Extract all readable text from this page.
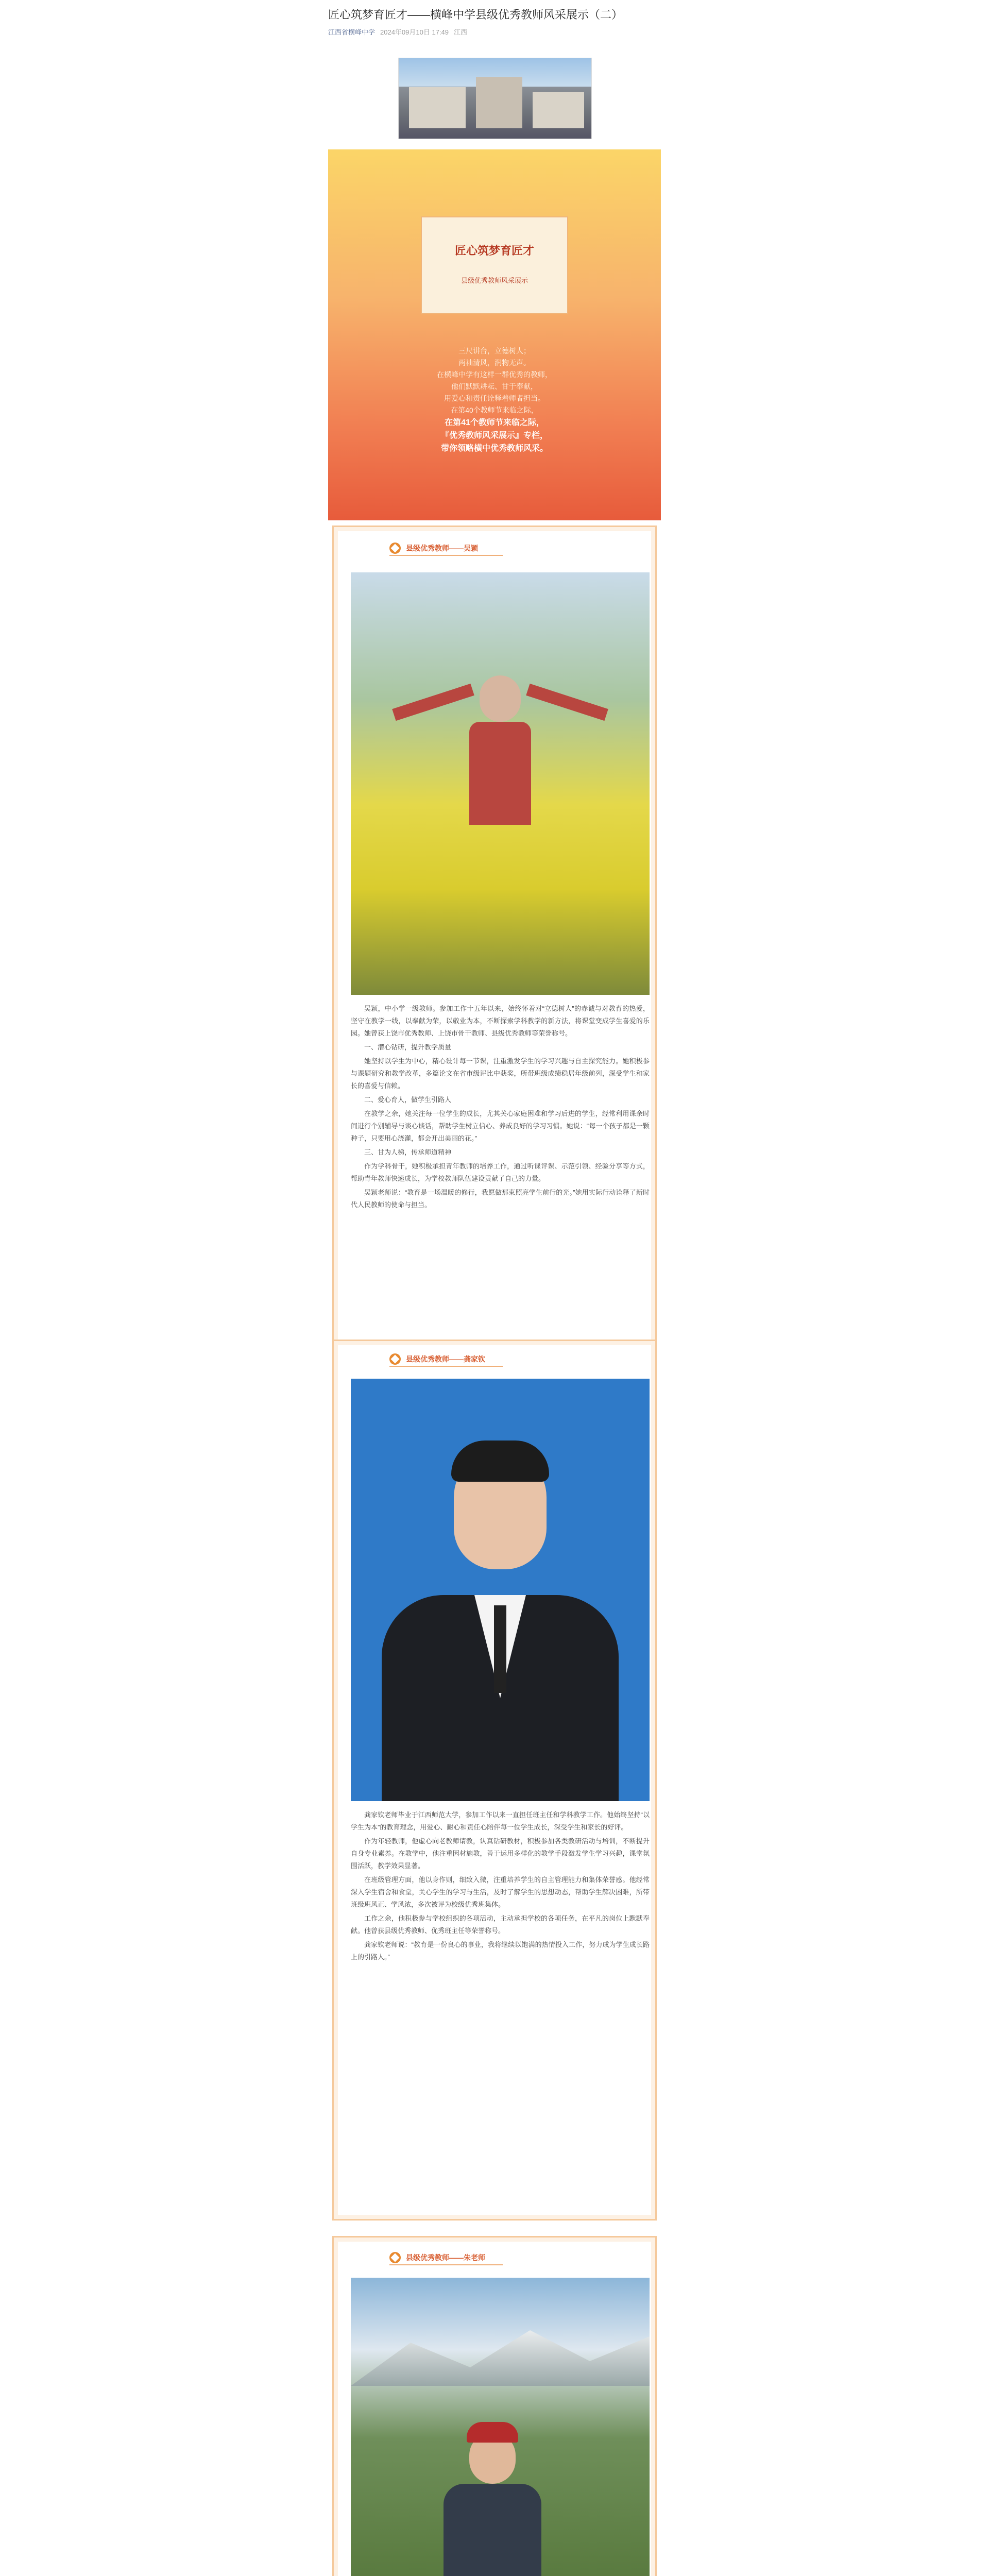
匠心筑梦育匠才——横峰中学县级优秀教师风采展示（二）
江西省横峰中学 2024年09月10日 17:49 江西
匠心筑梦育匠才
县级优秀教师风采展示

三尺讲台，立德树人；

两袖清风，润物无声。

在横峰中学有这样一群优秀的教师，

他们默默耕耘、甘于奉献，

用爱心和责任诠释着师者担当。

在第40个教师节来临之际，

在第41个教师节来临之际，

『优秀教师风采展示』专栏，

带你领略横中优秀教师风采。

县级优秀教师——吴颖

吴颖，中小学一级教师。参加工作十五年以来，始终怀着对“立德树人”的赤诚与对教育的热爱，坚守在教学一线，以奉献为荣，以敬业为本，不断探索学科教学的新方法，将课堂变成学生喜爱的乐园。她曾获上饶市优秀教师、上饶市骨干教师、县级优秀教师等荣誉称号。

一、潜心钻研，提升教学质量

她坚持以学生为中心，精心设计每一节课，注重激发学生的学习兴趣与自主探究能力。她积极参与课题研究和教学改革，多篇论文在省市级评比中获奖，所带班级成绩稳居年级前列，深受学生和家长的喜爱与信赖。

二、爱心育人，做学生引路人

在教学之余，她关注每一位学生的成长，尤其关心家庭困难和学习后进的学生，经常利用课余时间进行个别辅导与谈心谈话，帮助学生树立信心、养成良好的学习习惯。她说：“每一个孩子都是一颗种子，只要用心浇灌，都会开出美丽的花。”

三、甘为人梯，传承师道精神

作为学科骨干，她积极承担青年教师的培养工作，通过听课评课、示范引领、经验分享等方式，帮助青年教师快速成长，为学校教师队伍建设贡献了自己的力量。

吴颖老师说：“教育是一场温暖的修行，我愿做那束照亮学生前行的光。”她用实际行动诠释了新时代人民教师的使命与担当。

县级优秀教师——龚家钦

龚家钦老师毕业于江西师范大学，参加工作以来一直担任班主任和学科教学工作。他始终坚持“以学生为本”的教育理念，用爱心、耐心和责任心陪伴每一位学生成长，深受学生和家长的好评。

作为年轻教师，他虚心向老教师请教，认真钻研教材，积极参加各类教研活动与培训，不断提升自身专业素养。在教学中，他注重因材施教，善于运用多样化的教学手段激发学生学习兴趣，课堂氛围活跃，教学效果显著。

在班级管理方面，他以身作则，细致入微，注重培养学生的自主管理能力和集体荣誉感。他经常深入学生宿舍和食堂，关心学生的学习与生活，及时了解学生的思想动态，帮助学生解决困难，所带班级班风正、学风浓，多次被评为校级优秀班集体。

工作之余，他积极参与学校组织的各项活动，主动承担学校的各项任务，在平凡的岗位上默默奉献。他曾获县级优秀教师、优秀班主任等荣誉称号。

龚家钦老师说：“教育是一份良心的事业，我将继续以饱满的热情投入工作，努力成为学生成长路上的引路人。”

县级优秀教师——朱老师
